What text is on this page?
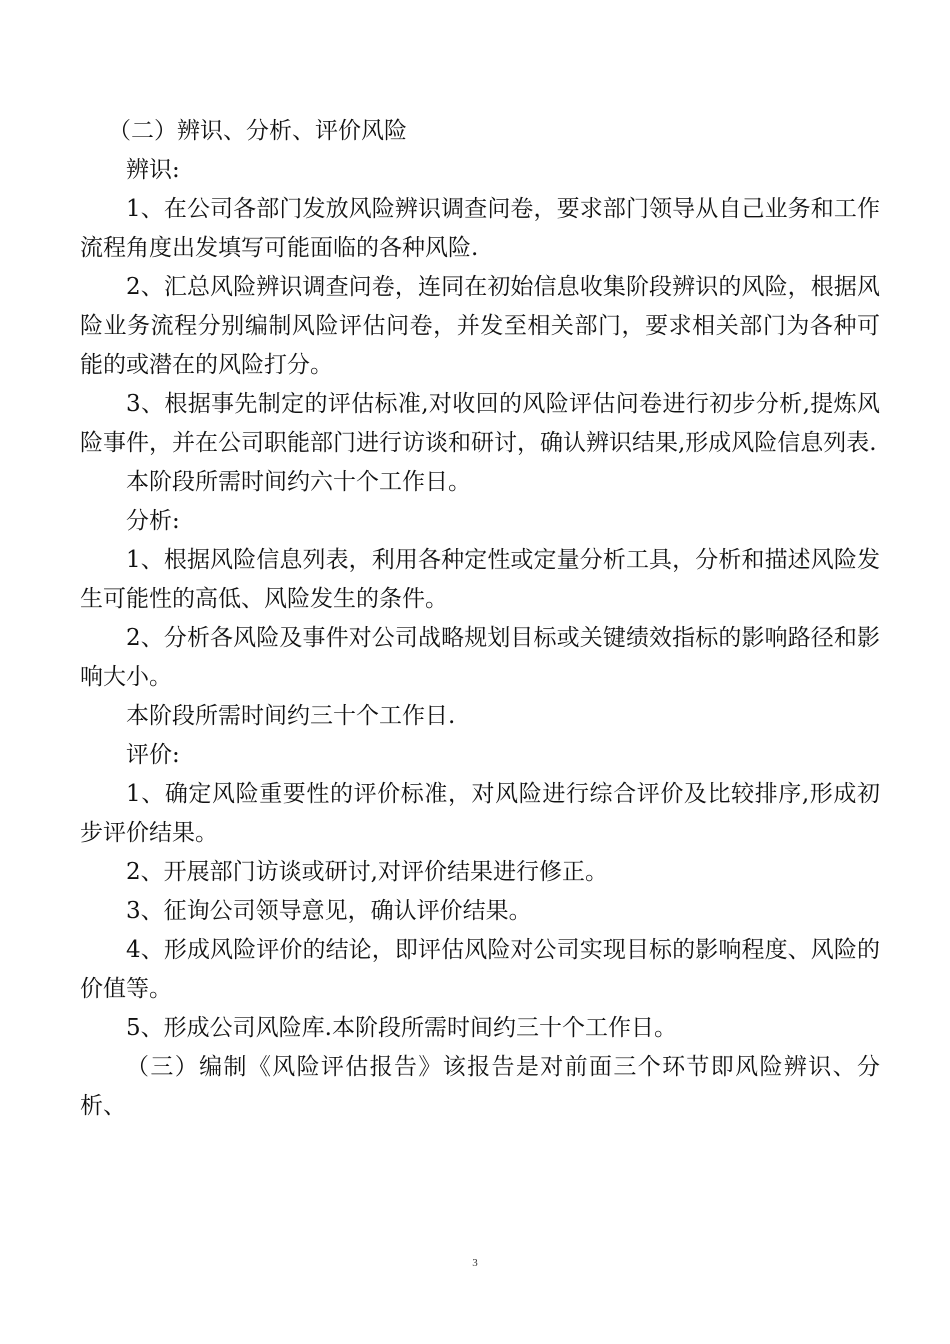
（二）辨识、分析、评价风险

辨识:

1、在公司各部门发放风险辨识调查问卷，要求部门领导从自己业务和工作流程角度出发填写可能面临的各种风险.

2、汇总风险辨识调查问卷，连同在初始信息收集阶段辨识的风险，根据风险业务流程分别编制风险评估问卷，并发至相关部门，要求相关部门为各种可能的或潜在的风险打分。

3、根据事先制定的评估标准,对收回的风险评估问卷进行初步分析,提炼风险事件，并在公司职能部门进行访谈和研讨，确认辨识结果,形成风险信息列表.

本阶段所需时间约六十个工作日。

分析:

1、根据风险信息列表，利用各种定性或定量分析工具，分析和描述风险发生可能性的高低、风险发生的条件。

2、分析各风险及事件对公司战略规划目标或关键绩效指标的影响路径和影响大小。

本阶段所需时间约三十个工作日.

评价:

1、确定风险重要性的评价标准，对风险进行综合评价及比较排序,形成初步评价结果。

2、开展部门访谈或研讨,对评价结果进行修正。

3、征询公司领导意见，确认评价结果。

4、形成风险评价的结论，即评估风险对公司实现目标的影响程度、风险的价值等。

5、形成公司风险库.本阶段所需时间约三十个工作日。

（三）编制《风险评估报告》该报告是对前面三个环节即风险辨识、分析、

3
